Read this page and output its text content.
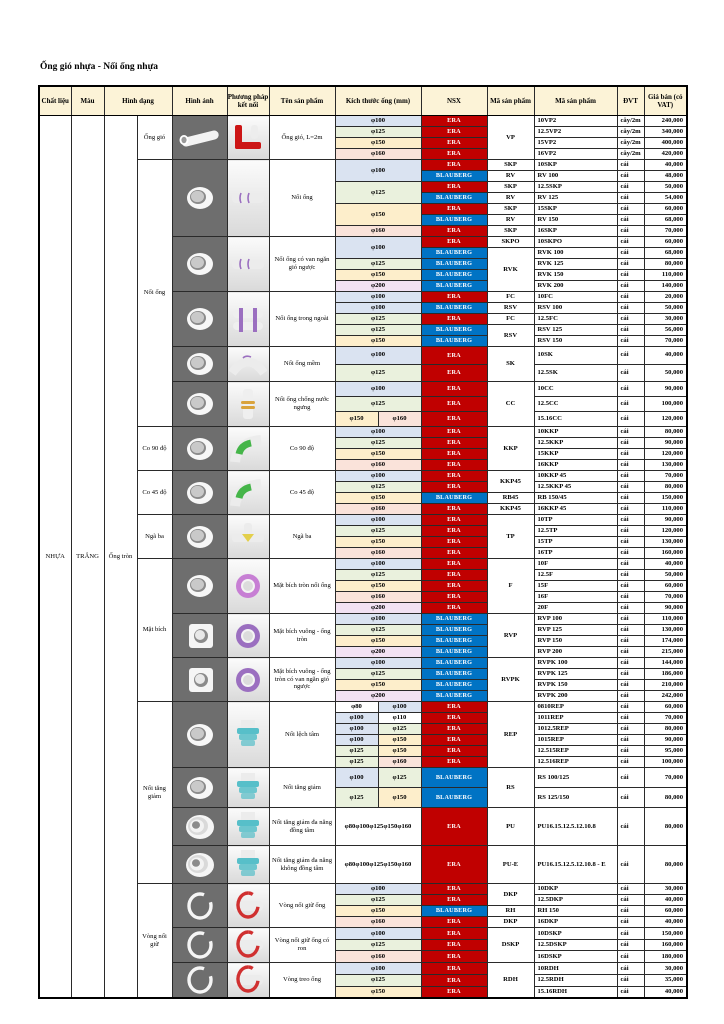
Ống gió nhựa - Nối ống nhựa
Chất liệu	Màu	Hình dạng		Hình ảnh	Phương pháp kết nối	Tên sản phẩm	Kích thước ống (mm)		NSX	Mã sản phẩm	Mã sản phẩm	ĐVT	Giá bán (có VAT)
NHỰA	TRẮNG	Ống tròn	Ống gió			Ống gió, L=2m	φ100		ERA	VP	10VP2	cây/2m	240,000
							φ125		ERA		12.5VP2	cây/2m	340,000
							φ150		ERA		15VP2	cây/2m	400,000
							φ160		ERA		16VP2	cây/2m	420,000
			Nối ống			Nối ống	φ100		ERA	SKP	10SKP	cái	40,000
									BLAUBERG	RV	RV 100	cái	48,000
							φ125		ERA	SKP	12.5SKP	cái	50,000
									BLAUBERG	RV	RV 125	cái	54,000
							φ150		ERA	SKP	15SKP	cái	60,000
									BLAUBERG	RV	RV 150	cái	68,000
							φ160		ERA	SKP	16SKP	cái	70,000

	Nối ống có van ngăn gió ngược	φ100		ERA	SKPO	10SKPO	cái	60,000
									BLAUBERG	RVK	RVK 100	cái	68,000
							φ125		BLAUBERG		RVK 125	cái	80,000
							φ150		BLAUBERG		RVK 150	cái	110,000
							φ200		BLAUBERG		RVK 200	cái	140,000

	Nối ống trong ngoài	φ100		ERA	FC	10FC	cái	20,000
							φ100		BLAUBERG	RSV	RSV 100	cái	50,000
							φ125		ERA	FC	12.5FC	cái	30,000
							φ125		BLAUBERG	RSV	RSV 125	cái	56,000
							φ150		BLAUBERG		RSV 150	cái	70,000

	Nối ống mềm	φ100		ERA	SK	10SK	cái	40,000
							φ125		ERA		12.5SK	cái	50,000

	Nối ống chống nước ngưng	φ100		ERA	CC	10CC	cái	90,000
							φ125		ERA		12.5CC	cái	100,000
							φ150	φ160	ERA		15.16CC	cái	120,000
			Co 90 độ			Co 90 độ	φ100		ERA	KKP	10KKP	cái	80,000
							φ125		ERA		12.5KKP	cái	90,000
							φ150		ERA		15KKP	cái	120,000
							φ160		ERA		16KKP	cái	130,000
			Co 45 độ			Co 45 độ	φ100		ERA	KKP45	10KKP 45	cái	70,000
							φ125		ERA		12.5KKP 45	cái	80,000
							φ150		BLAUBERG	RB45	RB 150/45	cái	150,000
							φ160		ERA	KKP45	16KKP 45	cái	110,000
			Ngã ba			Ngã ba	φ100		ERA	TP	10TP	cái	90,000
							φ125		ERA		12.5TP	cái	120,000
							φ150		ERA		15TP	cái	130,000
							φ160		ERA		16TP	cái	160,000
			Mặt bích			Mặt bích tròn nối ống	φ100		ERA	F	10F	cái	40,000
							φ125		ERA		12.5F	cái	50,000
							φ150		ERA		15F	cái	60,000
							φ160		ERA		16F	cái	70,000
							φ200		ERA		20F	cái	90,000

	Mặt bích vuông - ống tròn	φ100		BLAUBERG	RVP	RVP 100	cái	110,000
							φ125		BLAUBERG		RVP 125	cái	130,000
							φ150		BLAUBERG		RVP 150	cái	174,000
							φ200		BLAUBERG		RVP 200	cái	215,000

	Mặt bích vuông - ống tròn có van ngăn gió ngược	φ100		BLAUBERG	RVPK	RVPK 100	cái	144,000
							φ125		BLAUBERG		RVPK 125	cái	186,000
							φ150		BLAUBERG		RVPK 150	cái	210,000
							φ200		BLAUBERG		RVPK 200	cái	242,000
			Nối tăng giảm			Nối lệch tâm	φ80	φ100	ERA	REP	0810REP	cái	60,000
							φ100	φ110	ERA		1011REP	cái	70,000
							φ100	φ125	ERA		1012.5REP	cái	80,000
							φ100	φ150	ERA		1015REP	cái	90,000
							φ125	φ150	ERA		12.515REP	cái	95,000
							φ125	φ160	ERA		12.516REP	cái	100,000

	Nối tăng giảm	φ100	φ125	BLAUBERG	RS	RS 100/125	cái	70,000
							φ125	φ150	BLAUBERG		RS 125/150	cái	80,000

	Nối tăng giảm đa năng đồng tâm	φ80φ100φ125φ150φ160		ERA	PU	PU16.15.12.5.12.10.8	cái	80,000

	Nối tăng giảm đa năng không đồng tâm	φ80φ100φ125φ150φ160		ERA	PU-E	PU16.15.12.5.12.10.8 - E	cái	80,000
			Vòng nối giữ			Vòng nối giữ ống	φ100		ERA	DKP	10DKP	cái	30,000
							φ125		ERA		12.5DKP	cái	40,000
							φ150		BLAUBERG	RH	RH 150	cái	60,000
							φ160		ERA	DKP	16DKP	cái	40,000

	Vòng nối giữ ống có ron	φ100		ERA	DSKP	10DSKP	cái	150,000
							φ125		ERA		12.5DSKP	cái	160,000
							φ160		ERA		16DSKP	cái	180,000

	Vòng treo ống	φ100		ERA	RDH	10RDH	cái	30,000
							φ125		ERA		12.5RDH	cái	35,000
							φ150		ERA		15.16RDH	cái	40,000
